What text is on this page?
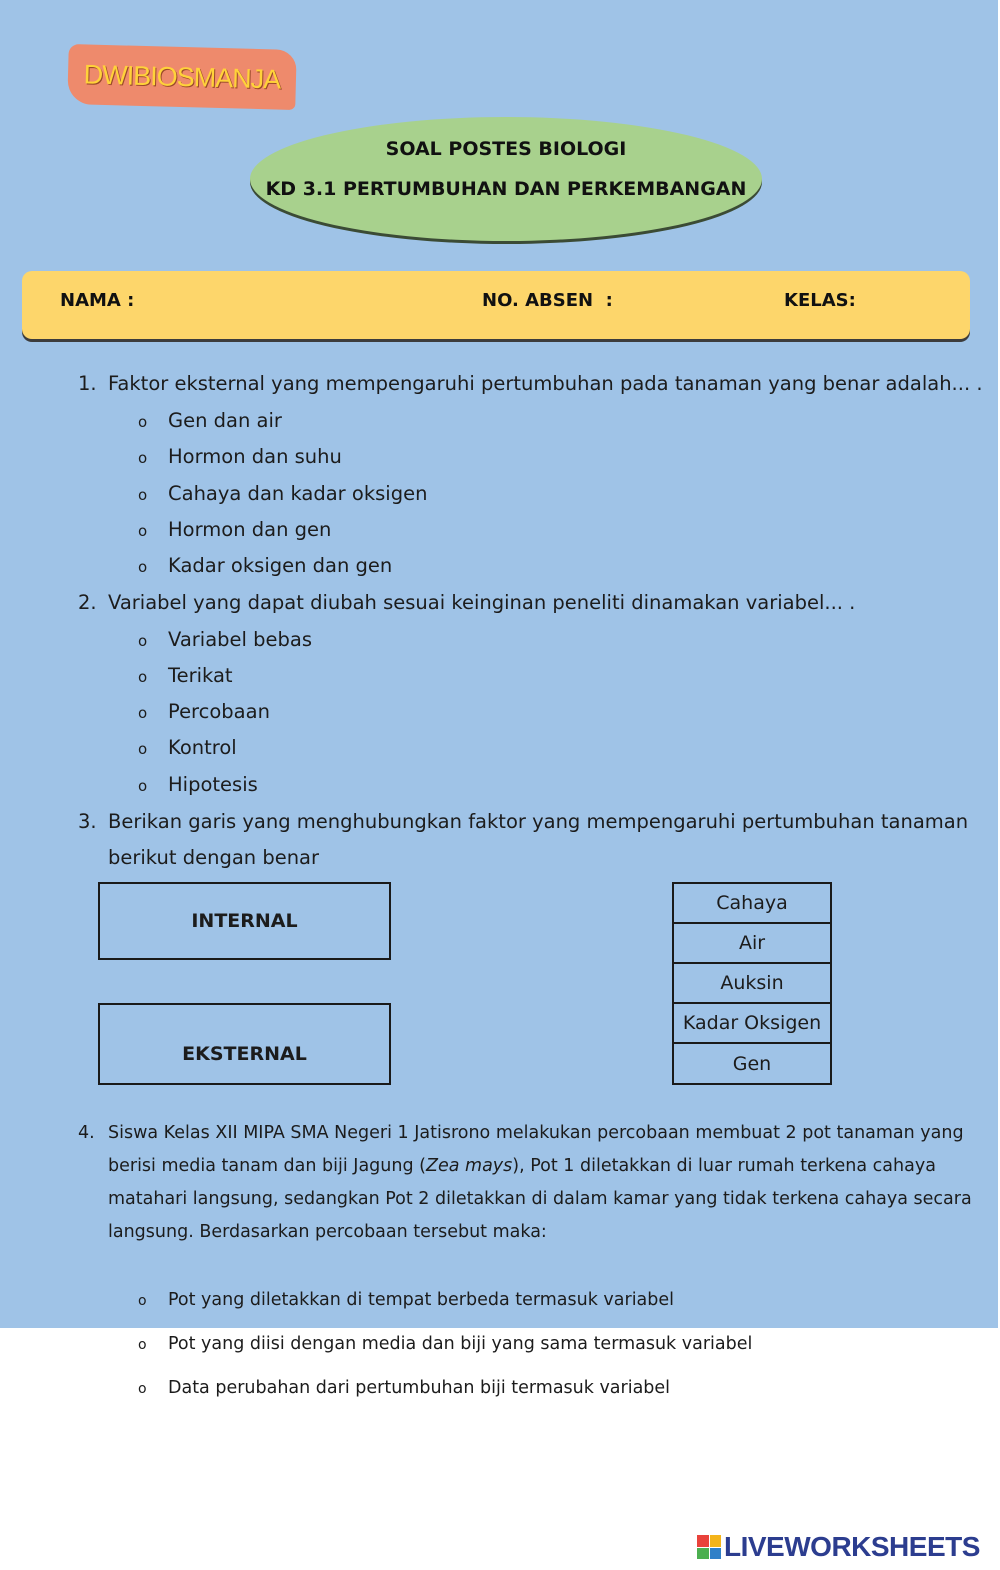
DWIBIOSMANJA
SOAL POSTES BIOLOGI
KD 3.1 PERTUMBUHAN DAN PERKEMBANGAN
NAMA :	NO. ABSEN  :	KELAS:
1. Faktor eksternal yang mempengaruhi pertumbuhan pada tanaman yang benar adalah... .
o Gen dan air
o Hormon dan suhu
o Cahaya dan kadar oksigen
o Hormon dan gen
o Kadar oksigen dan gen
2. Variabel yang dapat diubah sesuai keinginan peneliti dinamakan variabel... .
o Variabel bebas
o Terikat
o Percobaan
o Kontrol
o Hipotesis
3. Berikan garis yang menghubungkan faktor yang mempengaruhi pertumbuhan tanaman
berikut dengan benar
INTERNAL
EKSTERNAL
Cahaya
Air
Auksin
Kadar Oksigen
Gen
4. Siswa Kelas XII MIPA SMA Negeri 1 Jatisrono melakukan percobaan membuat 2 pot tanaman yang
berisi media tanam dan biji Jagung (Zea mays), Pot 1 diletakkan di luar rumah terkena cahaya
matahari langsung, sedangkan Pot 2 diletakkan di dalam kamar yang tidak terkena cahaya secara
langsung. Berdasarkan percobaan tersebut maka:
o Pot yang diletakkan di tempat berbeda termasuk variabel
o Pot yang diisi dengan media dan biji yang sama termasuk variabel
o Data perubahan dari pertumbuhan biji termasuk variabel
LIVEWORKSHEETS
